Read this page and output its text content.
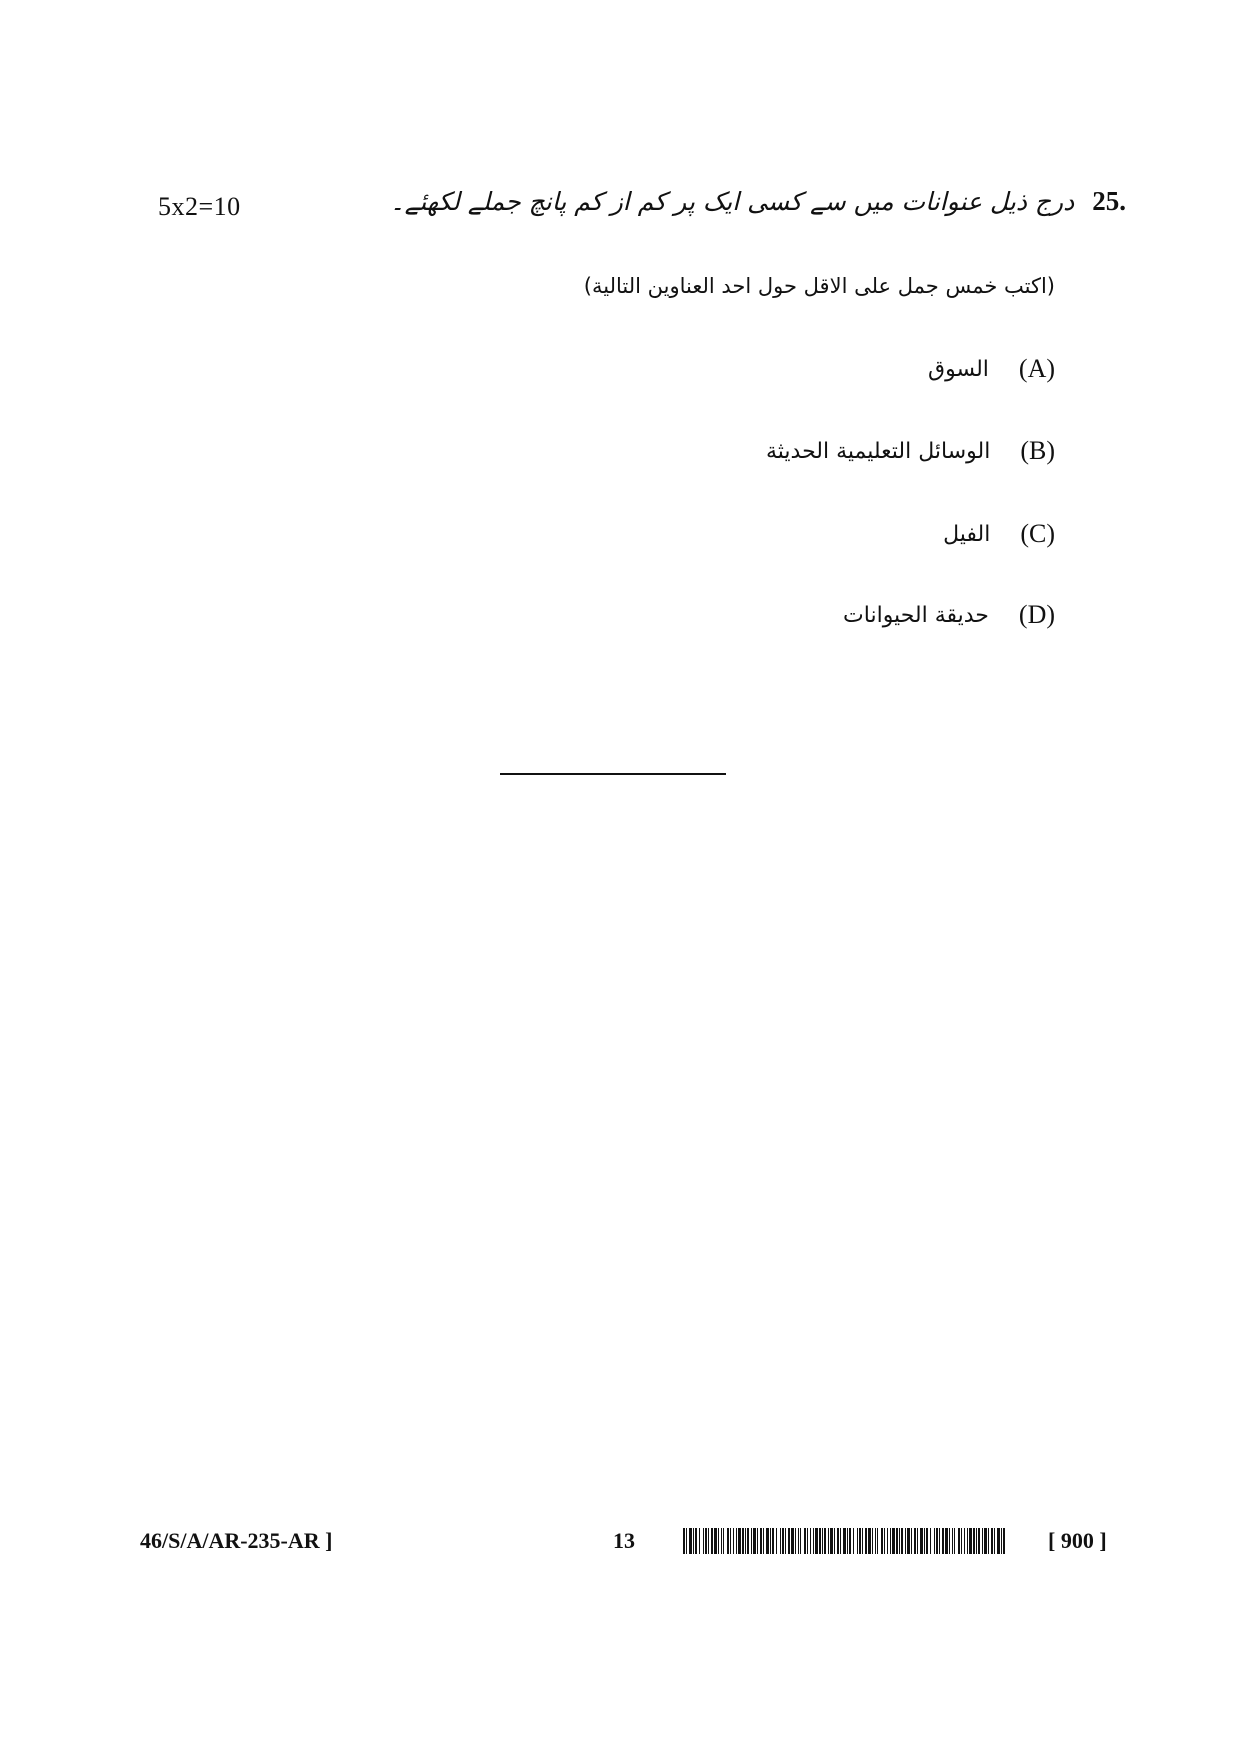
5x2=10	25.
درج ذیل عنوانات میں سے کسی ایک پر کم از کم پانچ جملے لکھئے۔
(اكتب خمس جمل على الاقل حول احد العناوين التالية)
(A)
السوق
(B)
الوسائل التعليمية الحديثة
(C)
الفيل
(D)
حديقة الحيوانات
46/S/A/AR-235-AR ]	13	[ 900 ]
